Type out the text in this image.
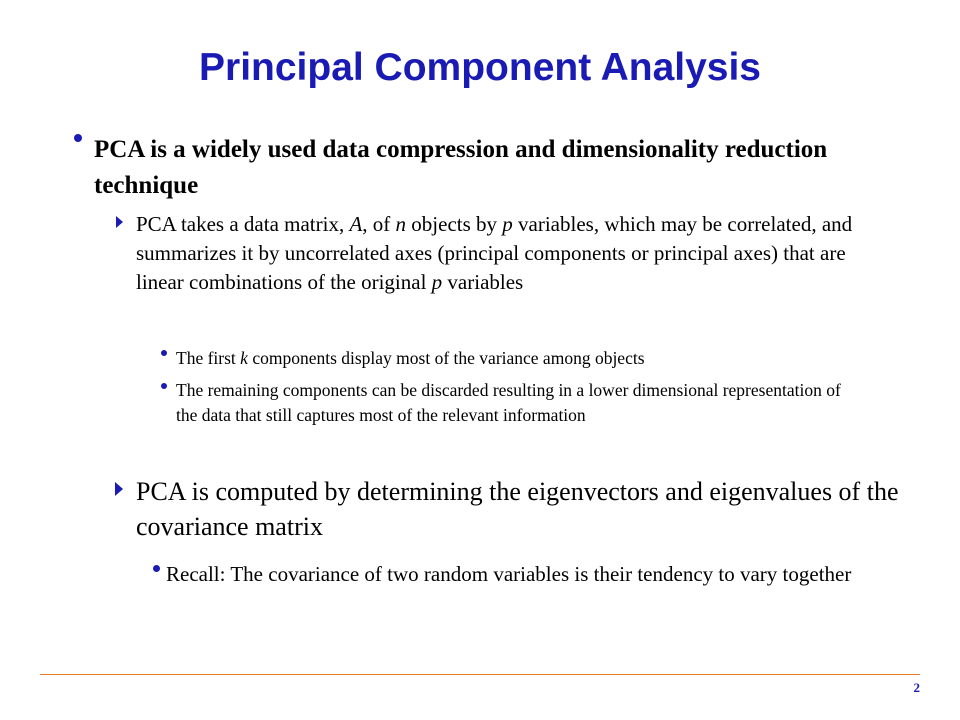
Principal Component Analysis

PCA is a widely used data compression and dimensionality reduction technique

PCA takes a data matrix, A, of n objects by p variables, which may be correlated, and summarizes it by uncorrelated axes (principal components or principal axes) that are linear combinations of the original p variables

The first k components display most of the variance among objects

The remaining components can be discarded resulting in a lower dimensional representation of the data that still captures most of the relevant information

PCA is computed by determining the eigenvectors and eigenvalues of the covariance matrix

Recall: The covariance of two random variables is their tendency to vary together

2
